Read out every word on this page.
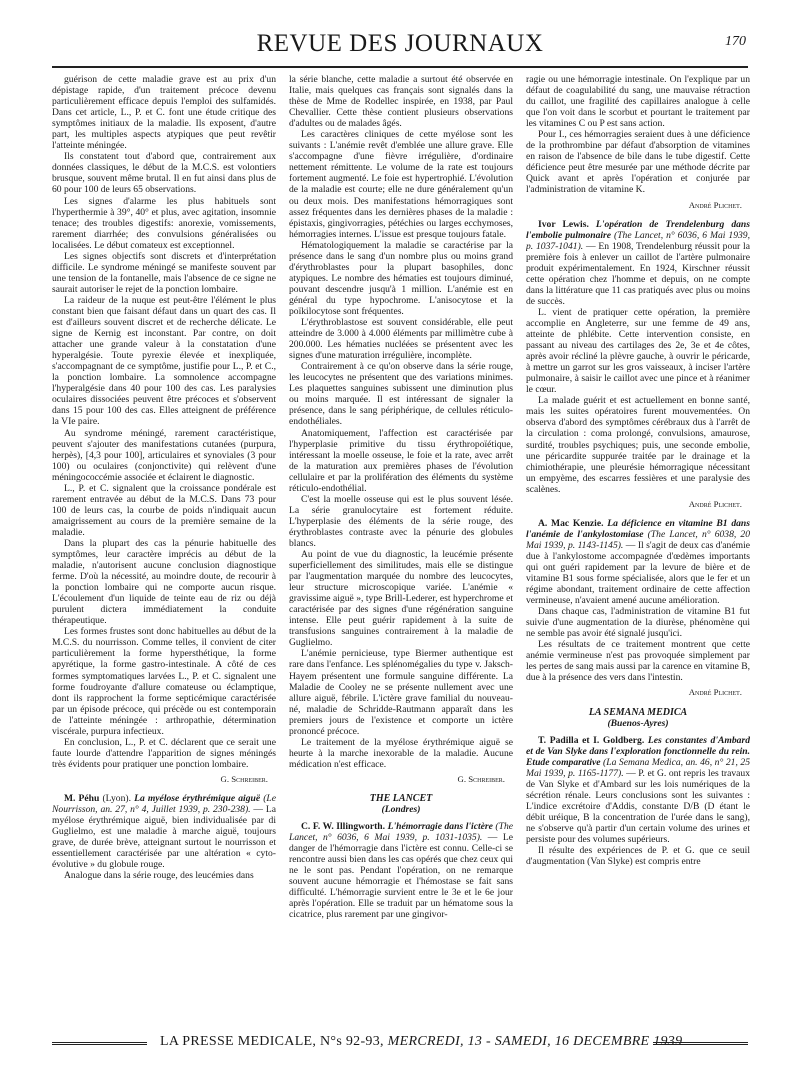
REVUE DES JOURNAUX	170

guérison de cette maladie grave est au prix d'un dépistage rapide, d'un traitement précoce devenu particulièrement efficace depuis l'emploi des sulfamidés. Dans cet article, L., P. et C. font une étude critique des symptômes initiaux de la maladie. Ils exposent, d'autre part, les multiples aspects atypiques que peut revêtir l'atteinte méningée.

Ils constatent tout d'abord que, contrairement aux données classiques, le début de la M.C.S. est volontiers brusque, souvent même brutal. Il en fut ainsi dans plus de 60 pour 100 de leurs 65 observations.

Les signes d'alarme les plus habituels sont l'hyperthermie à 39°, 40° et plus, avec agitation, insomnie tenace; des troubles digestifs: anorexie, vomissements, rarement diarrhée; des convulsions généralisées ou localisées. Le début comateux est exceptionnel.

Les signes objectifs sont discrets et d'interprétation difficile. Le syndrome méningé se manifeste souvent par une tension de la fontanelle, mais l'absence de ce signe ne saurait autoriser le rejet de la ponction lombaire.

La raideur de la nuque est peut-être l'élément le plus constant bien que faisant défaut dans un quart des cas. Il est d'ailleurs souvent discret et de recherche délicate. Le signe de Kernig est inconstant. Par contre, on doit attacher une grande valeur à la constatation d'une hyperalgésie. Toute pyrexie élevée et inexpliquée, s'accompagnant de ce symptôme, justifie pour L., P. et C., la ponction lombaire. La somnolence accompagne l'hyperalgésie dans 40 pour 100 des cas. Les paralysies oculaires dissociées peuvent être précoces et s'observent dans 15 pour 100 des cas. Elles atteignent de préférence la VIe paire.

Au syndrome méningé, rarement caractéristique, peuvent s'ajouter des manifestations cutanées (purpura, herpès), [4,3 pour 100], articulaires et synoviales (3 pour 100) ou oculaires (conjonctivite) qui relèvent d'une méningococcémie associée et éclairent le diagnostic.

L., P. et C. signalent que la croissance pondérale est rarement entravée au début de la M.C.S. Dans 73 pour 100 de leurs cas, la courbe de poids n'indiquait aucun amaigrissement au cours de la première semaine de la maladie.

Dans la plupart des cas la pénurie habituelle des symptômes, leur caractère imprécis au début de la maladie, n'autorisent aucune conclusion diagnostique ferme. D'où la nécessité, au moindre doute, de recourir à la ponction lombaire qui ne comporte aucun risque. L'écoulement d'un liquide de teinte eau de riz ou déjà purulent dictera immédiatement la conduite thérapeutique.

Les formes frustes sont donc habituelles au début de la M.C.S. du nourrisson. Comme telles, il convient de citer particulièrement la forme hypersthétique, la forme apyrétique, la forme gastro-intestinale. A côté de ces formes symptomatiques larvées L., P. et C. signalent une forme foudroyante d'allure comateuse ou éclamptique, dont ils rapprochent la forme septicémique caractérisée par un épisode précoce, qui précède ou est contemporain de l'atteinte méningée : arthropathie, détermination viscérale, purpura infectieux.

En conclusion, L., P. et C. déclarent que ce serait une faute lourde d'attendre l'apparition de signes méningés très évidents pour pratiquer une ponction lombaire.

G. Schreiber.

M. Péhu (Lyon). La myélose érythrémique aiguë (Le Nourrisson, an. 27, n° 4, Juillet 1939, p. 230-238). — La myélose érythrémique aiguë, bien individualisée par di Guglielmo, est une maladie à marche aiguë, toujours grave, de durée brève, atteignant surtout le nourrisson et essentiellement caractérisée par une altération « cyto-évolutive » du globule rouge.

Analogue dans la série rouge, des leucémies dans

la série blanche, cette maladie a surtout été observée en Italie, mais quelques cas français sont signalés dans la thèse de Mme de Rodellec inspirée, en 1938, par Paul Chevallier. Cette thèse contient plusieurs observations d'adultes ou de malades âgés.

Les caractères cliniques de cette myélose sont les suivants : L'anémie revêt d'emblée une allure grave. Elle s'accompagne d'une fièvre irrégulière, d'ordinaire nettement rémittente. Le volume de la rate est toujours fortement augmenté. Le foie est hypertrophié. L'évolution de la maladie est courte; elle ne dure généralement qu'un ou deux mois. Des manifestations hémorragiques sont assez fréquentes dans les dernières phases de la maladie : épistaxis, gingivorragies, pétéchies ou larges ecchymoses, hémorragies internes. L'issue est presque toujours fatale.

Hématologiquement la maladie se caractérise par la présence dans le sang d'un nombre plus ou moins grand d'érythroblastes pour la plupart basophiles, donc atypiques. Le nombre des hématies est toujours diminué, pouvant descendre jusqu'à 1 million. L'anémie est en général du type hypochrome. L'anisocytose et la poïkilocytose sont fréquentes.

L'érythroblastose est souvent considérable, elle peut atteindre de 3.000 à 4.000 éléments par millimètre cube à 200.000. Les hématies nucléées se présentent avec les signes d'une maturation irrégulière, incomplète.

Contrairement à ce qu'on observe dans la série rouge, les leucocytes ne présentent que des variations minimes. Les plaquettes sanguines subissent une diminution plus ou moins marquée. Il est intéressant de signaler la présence, dans le sang périphérique, de cellules réticulo-endothéliales.

Anatomiquement, l'affection est caractérisée par l'hyperplasie primitive du tissu érythropoïétique, intéressant la moelle osseuse, le foie et la rate, avec arrêt de la maturation aux premières phases de l'évolution cellulaire et par la prolifération des éléments du système réticulo-endothélial.

C'est la moelle osseuse qui est le plus souvent lésée. La série granulocytaire est fortement réduite. L'hyperplasie des éléments de la série rouge, des érythroblastes contraste avec la pénurie des globules blancs.

Au point de vue du diagnostic, la leucémie présente superficiellement des similitudes, mais elle se distingue par l'augmentation marquée du nombre des leucocytes, leur structure microscopique variée. L'anémie « gravissime aiguë », type Brill-Lederer, est hyperchrome et caractérisée par des signes d'une régénération sanguine intense. Elle peut guérir rapidement à la suite de transfusions sanguines contrairement à la maladie de Guglielmo.

L'anémie pernicieuse, type Biermer authentique est rare dans l'enfance. Les splénomégalies du type v. Jaksch-Hayem présentent une formule sanguine différente. La Maladie de Cooley ne se présente nullement avec une allure aiguë, fébrile. L'ictère grave familial du nouveau-né, maladie de Schridde-Rautmann apparaît dans les premiers jours de l'existence et comporte un ictère prononcé précoce.

Le traitement de la myélose érythrémique aiguë se heurte à la marche inexorable de la maladie. Aucune médication n'est efficace.

G. Schreiber.

THE LANCET

(Londres)

C. F. W. Illingworth. L'hémorragie dans l'ictère (The Lancet, n° 6036, 6 Mai 1939, p. 1031-1035). — Le danger de l'hémorragie dans l'ictère est connu. Celle-ci se rencontre aussi bien dans les cas opérés que chez ceux qui ne le sont pas. Pendant l'opération, on ne remarque souvent aucune hémorragie et l'hémostase se fait sans difficulté. L'hémorragie survient entre le 3e et le 6e jour après l'opération. Elle se traduit par un hématome sous la cicatrice, plus rarement par une gingivor-

ragie ou une hémorragie intestinale. On l'explique par un défaut de coagulabilité du sang, une mauvaise rétraction du caillot, une fragilité des capillaires analogue à celle que l'on voit dans le scorbut et pourtant le traitement par les vitamines C ou P est sans action.

Pour I., ces hémorragies seraient dues à une déficience de la prothrombine par défaut d'absorption de vitamines en raison de l'absence de bile dans le tube digestif. Cette déficience peut être mesurée par une méthode décrite par Quick avant et après l'opération et conjurée par l'administration de vitamine K.

André Plichet.

Ivor Lewis. L'opération de Trendelenburg dans l'embolie pulmonaire (The Lancet, n° 6036, 6 Mai 1939, p. 1037-1041). — En 1908, Trendelenburg réussit pour la première fois à enlever un caillot de l'artère pulmonaire produit expérimentalement. En 1924, Kirschner réussit cette opération chez l'homme et depuis, on ne compte dans la littérature que 11 cas pratiqués avec plus ou moins de succès.

L. vient de pratiquer cette opération, la première accomplie en Angleterre, sur une femme de 49 ans, atteinte de phlébite. Cette intervention consiste, en passant au niveau des cartilages des 2e, 3e et 4e côtes, après avoir récliné la plèvre gauche, à ouvrir le péricarde, à mettre un garrot sur les gros vaisseaux, à inciser l'artère pulmonaire, à saisir le caillot avec une pince et à réanimer le cœur.

La malade guérit et est actuellement en bonne santé, mais les suites opératoires furent mouvementées. On observa d'abord des symptômes cérébraux dus à l'arrêt de la circulation : coma prolongé, convulsions, amaurose, surdité, troubles psychiques; puis, une seconde embolie, une péricardite suppurée traitée par le drainage et la chimiothérapie, une pleurésie hémorragique nécessitant un empyème, des escarres fessières et une paralysie des scalènes.

André Plichet.

A. Mac Kenzie. La déficience en vitamine B1 dans l'anémie de l'ankylostomiase (The Lancet, n° 6038, 20 Mai 1939, p. 1143-1145). — Il s'agit de deux cas d'anémie due à l'ankylostome accompagnée d'œdèmes importants qui ont guéri rapidement par la levure de bière et de vitamine B1 sous forme spécialisée, alors que le fer et un régime abondant, traitement ordinaire de cette affection vermineuse, n'avaient amené aucune amélioration.

Dans chaque cas, l'administration de vitamine B1 fut suivie d'une augmentation de la diurèse, phénomène qui ne semble pas avoir été signalé jusqu'ici.

Les résultats de ce traitement montrent que cette anémie vermineuse n'est pas provoquée simplement par les pertes de sang mais aussi par la carence en vitamine B, due à la présence des vers dans l'intestin.

André Plichet.

LA SEMANA MEDICA

(Buenos-Ayres)

T. Padilla et I. Goldberg. Les constantes d'Ambard et de Van Slyke dans l'exploration fonctionnelle du rein. Etude comparative (La Semana Medica, an. 46, n° 21, 25 Mai 1939, p. 1165-1177). — P. et G. ont repris les travaux de Van Slyke et d'Ambard sur les lois numériques de la sécrétion rénale. Leurs conclusions sont les suivantes : L'indice excrétoire d'Addis, constante D/B (D étant le débit uréique, B la concentration de l'urée dans le sang), ne s'observe qu'à partir d'un certain volume des urines et persiste pour des volumes supérieurs.

Il résulte des expériences de P. et G. que ce seuil d'augmentation (Van Slyke) est compris entre

LA PRESSE MEDICALE, N°s 92-93, MERCREDI, 13 - SAMEDI, 16 DECEMBRE 1939
